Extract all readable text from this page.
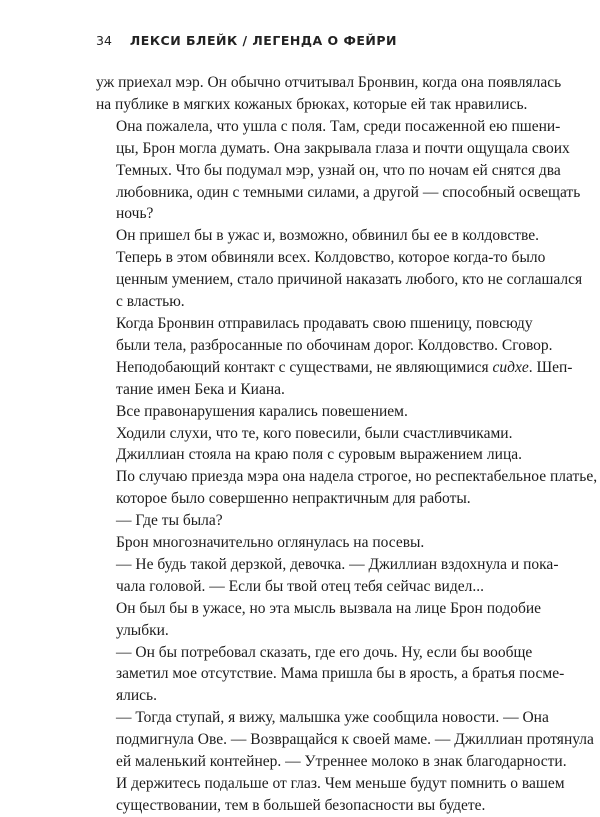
34 ЛЕКСИ БЛЕЙК / ЛЕГЕНДА О ФЕЙРИ

уж приехал мэр. Он обычно отчитывал Бронвин, когда она появлялась
на публике в мягких кожаных брюках, которые ей так нравились.

Она пожалела, что ушла с поля. Там, среди посаженной ею пшени-
цы, Брон могла думать. Она закрывала глаза и почти ощущала своих
Темных. Что бы подумал мэр, узнай он, что по ночам ей снятся два
любовника, один с темными силами, а другой — способный освещать
ночь?

Он пришел бы в ужас и, возможно, обвинил бы ее в колдовстве.
Теперь в этом обвиняли всех. Колдовство, которое когда-то было
ценным умением, стало причиной наказать любого, кто не соглашался
с властью.

Когда Бронвин отправилась продавать свою пшеницу, повсюду
были тела, разбросанные по обочинам дорог. Колдовство. Сговор.
Неподобающий контакт с существами, не являющимися сидхе. Шеп-
тание имен Бека и Киана.

Все правонарушения карались повешением.

Ходили слухи, что те, кого повесили, были счастливчиками.

Джиллиан стояла на краю поля с суровым выражением лица.
По случаю приезда мэра она надела строгое, но респектабельное платье,
которое было совершенно непрактичным для работы.

— Где ты была?

Брон многозначительно оглянулась на посевы.

— Не будь такой дерзкой, девочка. — Джиллиан вздохнула и пока-
чала головой. — Если бы твой отец тебя сейчас видел...

Он был бы в ужасе, но эта мысль вызвала на лице Брон подобие
улыбки.

— Он бы потребовал сказать, где его дочь. Ну, если бы вообще
заметил мое отсутствие. Мама пришла бы в ярость, а братья посме-
ялись.

— Тогда ступай, я вижу, малышка уже сообщила новости. — Она
подмигнула Ове. — Возвращайся к своей маме. — Джиллиан протянула
ей маленький контейнер. — Утреннее молоко в знак благодарности.
И держитесь подальше от глаз. Чем меньше будут помнить о вашем
существовании, тем в большей безопасности вы будете.
